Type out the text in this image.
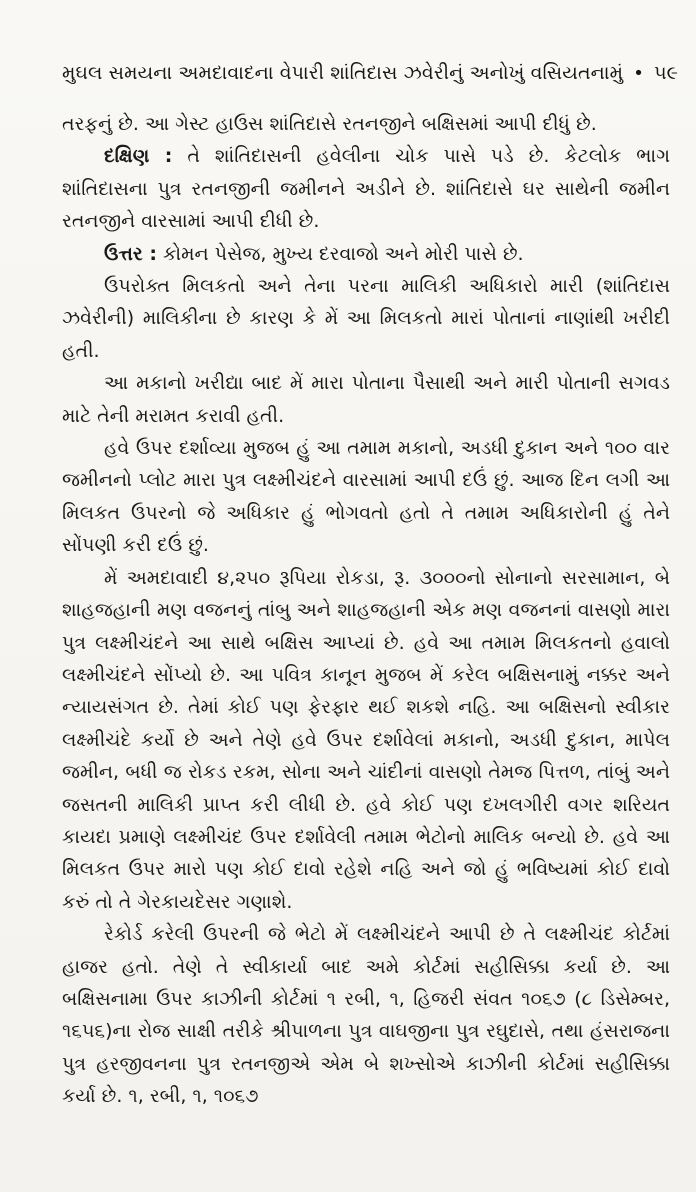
મુઘલ સમયના અમદાવાદના વેપારી શાંતિદાસ ઝવેરીનું અનોખું વસિયતનામું • ૫૯

તરફનું છે. આ ગેસ્ટ હાઉસ શાંતિદાસે રતનજીને બક્ષિસમાં આપી દીધું છે.

દક્ષિણ : તે શાંતિદાસની હવેલીના ચોક પાસે પડે છે. કેટલોક ભાગ શાંતિદાસના પુત્ર રતનજીની જમીનને અડીને છે. શાંતિદાસે ઘર સાથેની જમીન રતનજીને વારસામાં આપી દીધી છે.

ઉત્તર : કોમન પેસેજ, મુખ્ય દરવાજો અને મોરી પાસે છે.

ઉપરોક્ત મિલકતો અને તેના પરના માલિકી અધિકારો મારી (શાંતિદાસ ઝવેરીની) માલિકીના છે કારણ કે મેં આ મિલકતો મારાં પોતાનાં નાણાંથી ખરીદી હતી.

આ મકાનો ખરીદ્યા બાદ મેં મારા પોતાના પૈસાથી અને મારી પોતાની સગવડ માટે તેની મરામત કરાવી હતી.

હવે ઉપર દર્શાવ્યા મુજબ હું આ તમામ મકાનો, અડધી દુકાન અને ૧૦૦ વાર જમીનનો પ્લોટ મારા પુત્ર લક્ષ્મીચંદને વારસામાં આપી દઉં છું. આજ દિન લગી આ મિલકત ઉપરનો જે અધિકાર હું ભોગવતો હતો તે તમામ અધિકારોની હું તેને સોંપણી કરી દઉં છું.

મેં અમદાવાદી ૪,૨૫૦ રૂપિયા રોકડા, રૂ. ૩૦૦૦નો સોનાનો સરસામાન, બે શાહજહાની મણ વજનનું તાંબુ અને શાહજહાની એક મણ વજનનાં વાસણો મારા પુત્ર લક્ષ્મીચંદને આ સાથે બક્ષિસ આપ્યાં છે. હવે આ તમામ મિલકતનો હવાલો લક્ષ્મીચંદને સોંપ્યો છે. આ પવિત્ર કાનૂન મુજબ મેં કરેલ બક્ષિસનામું નક્કર અને ન્યાયસંગત છે. તેમાં કોઈ પણ ફેરફાર થઈ શકશે નહિ. આ બક્ષિસનો સ્વીકાર લક્ષ્મીચંદે કર્યો છે અને તેણે હવે ઉપર દર્શાવેલાં મકાનો, અડધી દુકાન, માપેલ જમીન, બધી જ રોકડ રકમ, સોના અને ચાંદીનાં વાસણો તેમજ પિત્તળ, તાંબું અને જસતની માલિકી પ્રાપ્ત કરી લીધી છે. હવે કોઈ પણ દખલગીરી વગર શરિયત કાયદા પ્રમાણે લક્ષ્મીચંદ ઉપર દર્શાવેલી તમામ ભેટોનો માલિક બન્યો છે. હવે આ મિલકત ઉપર મારો પણ કોઈ દાવો રહેશે નહિ અને જો હું ભવિષ્યમાં કોઈ દાવો કરું તો તે ગેરકાયદેસર ગણાશે.

રેકોર્ડ કરેલી ઉપરની જે ભેટો મેં લક્ષ્મીચંદને આપી છે તે લક્ષ્મીચંદ કોર્ટમાં હાજર હતો. તેણે તે સ્વીકાર્યા બાદ અમે કોર્ટમાં સહીસિક્કા કર્યા છે. આ બક્ષિસનામા ઉપર કાઝીની કોર્ટમાં ૧ રબી, ૧, હિજરી સંવત ૧૦૬૭ (૮ ડિસેમ્બર, ૧૬૫૬)ના રોજ સાક્ષી તરીકે શ્રીપાળના પુત્ર વાઘજીના પુત્ર રઘુદાસે, તથા હંસરાજના પુત્ર હરજીવનના પુત્ર રતનજીએ એમ બે શખ્સોએ કાઝીની કોર્ટમાં સહીસિક્કા કર્યા છે. ૧, રબી, ૧, ૧૦૬૭
